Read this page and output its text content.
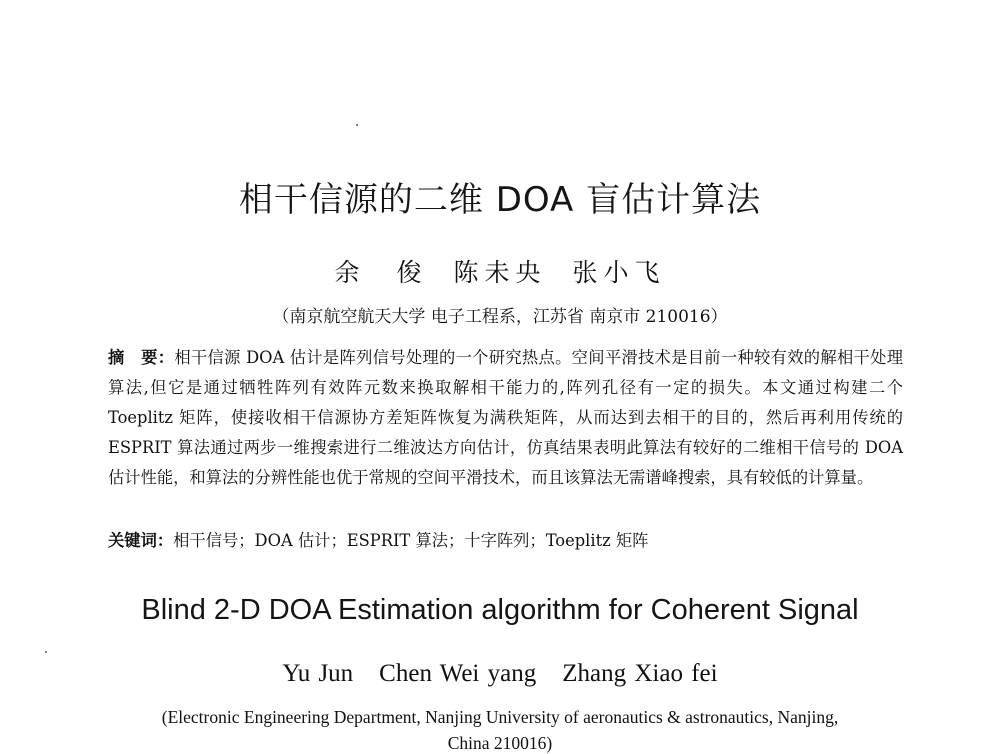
相干信源的二维 DOA 盲估计算法
余　俊 陈未央 张小飞
（南京航空航天大学 电子工程系，江苏省 南京市 210016）
摘　要：相干信源 DOA 估计是阵列信号处理的一个研究热点。空间平滑技术是目前一种较有效的解相干处理算法,但它是通过牺牲阵列有效阵元数来换取解相干能力的,阵列孔径有一定的损失。本文通过构建二个 Toeplitz 矩阵，使接收相干信源协方差矩阵恢复为满秩矩阵，从而达到去相干的目的，然后再利用传统的 ESPRIT 算法通过两步一维搜索进行二维波达方向估计，仿真结果表明此算法有较好的二维相干信号的 DOA 估计性能，和算法的分辨性能也优于常规的空间平滑技术，而且该算法无需谱峰搜索，具有较低的计算量。
关键词：相干信号；DOA 估计；ESPRIT 算法；十字阵列；Toeplitz 矩阵
Blind 2-D DOA Estimation algorithm for Coherent Signal
Yu Jun Chen Wei yang Zhang Xiao fei
(Electronic Engineering Department, Nanjing University of aeronautics & astronautics, Nanjing,
China 210016)
